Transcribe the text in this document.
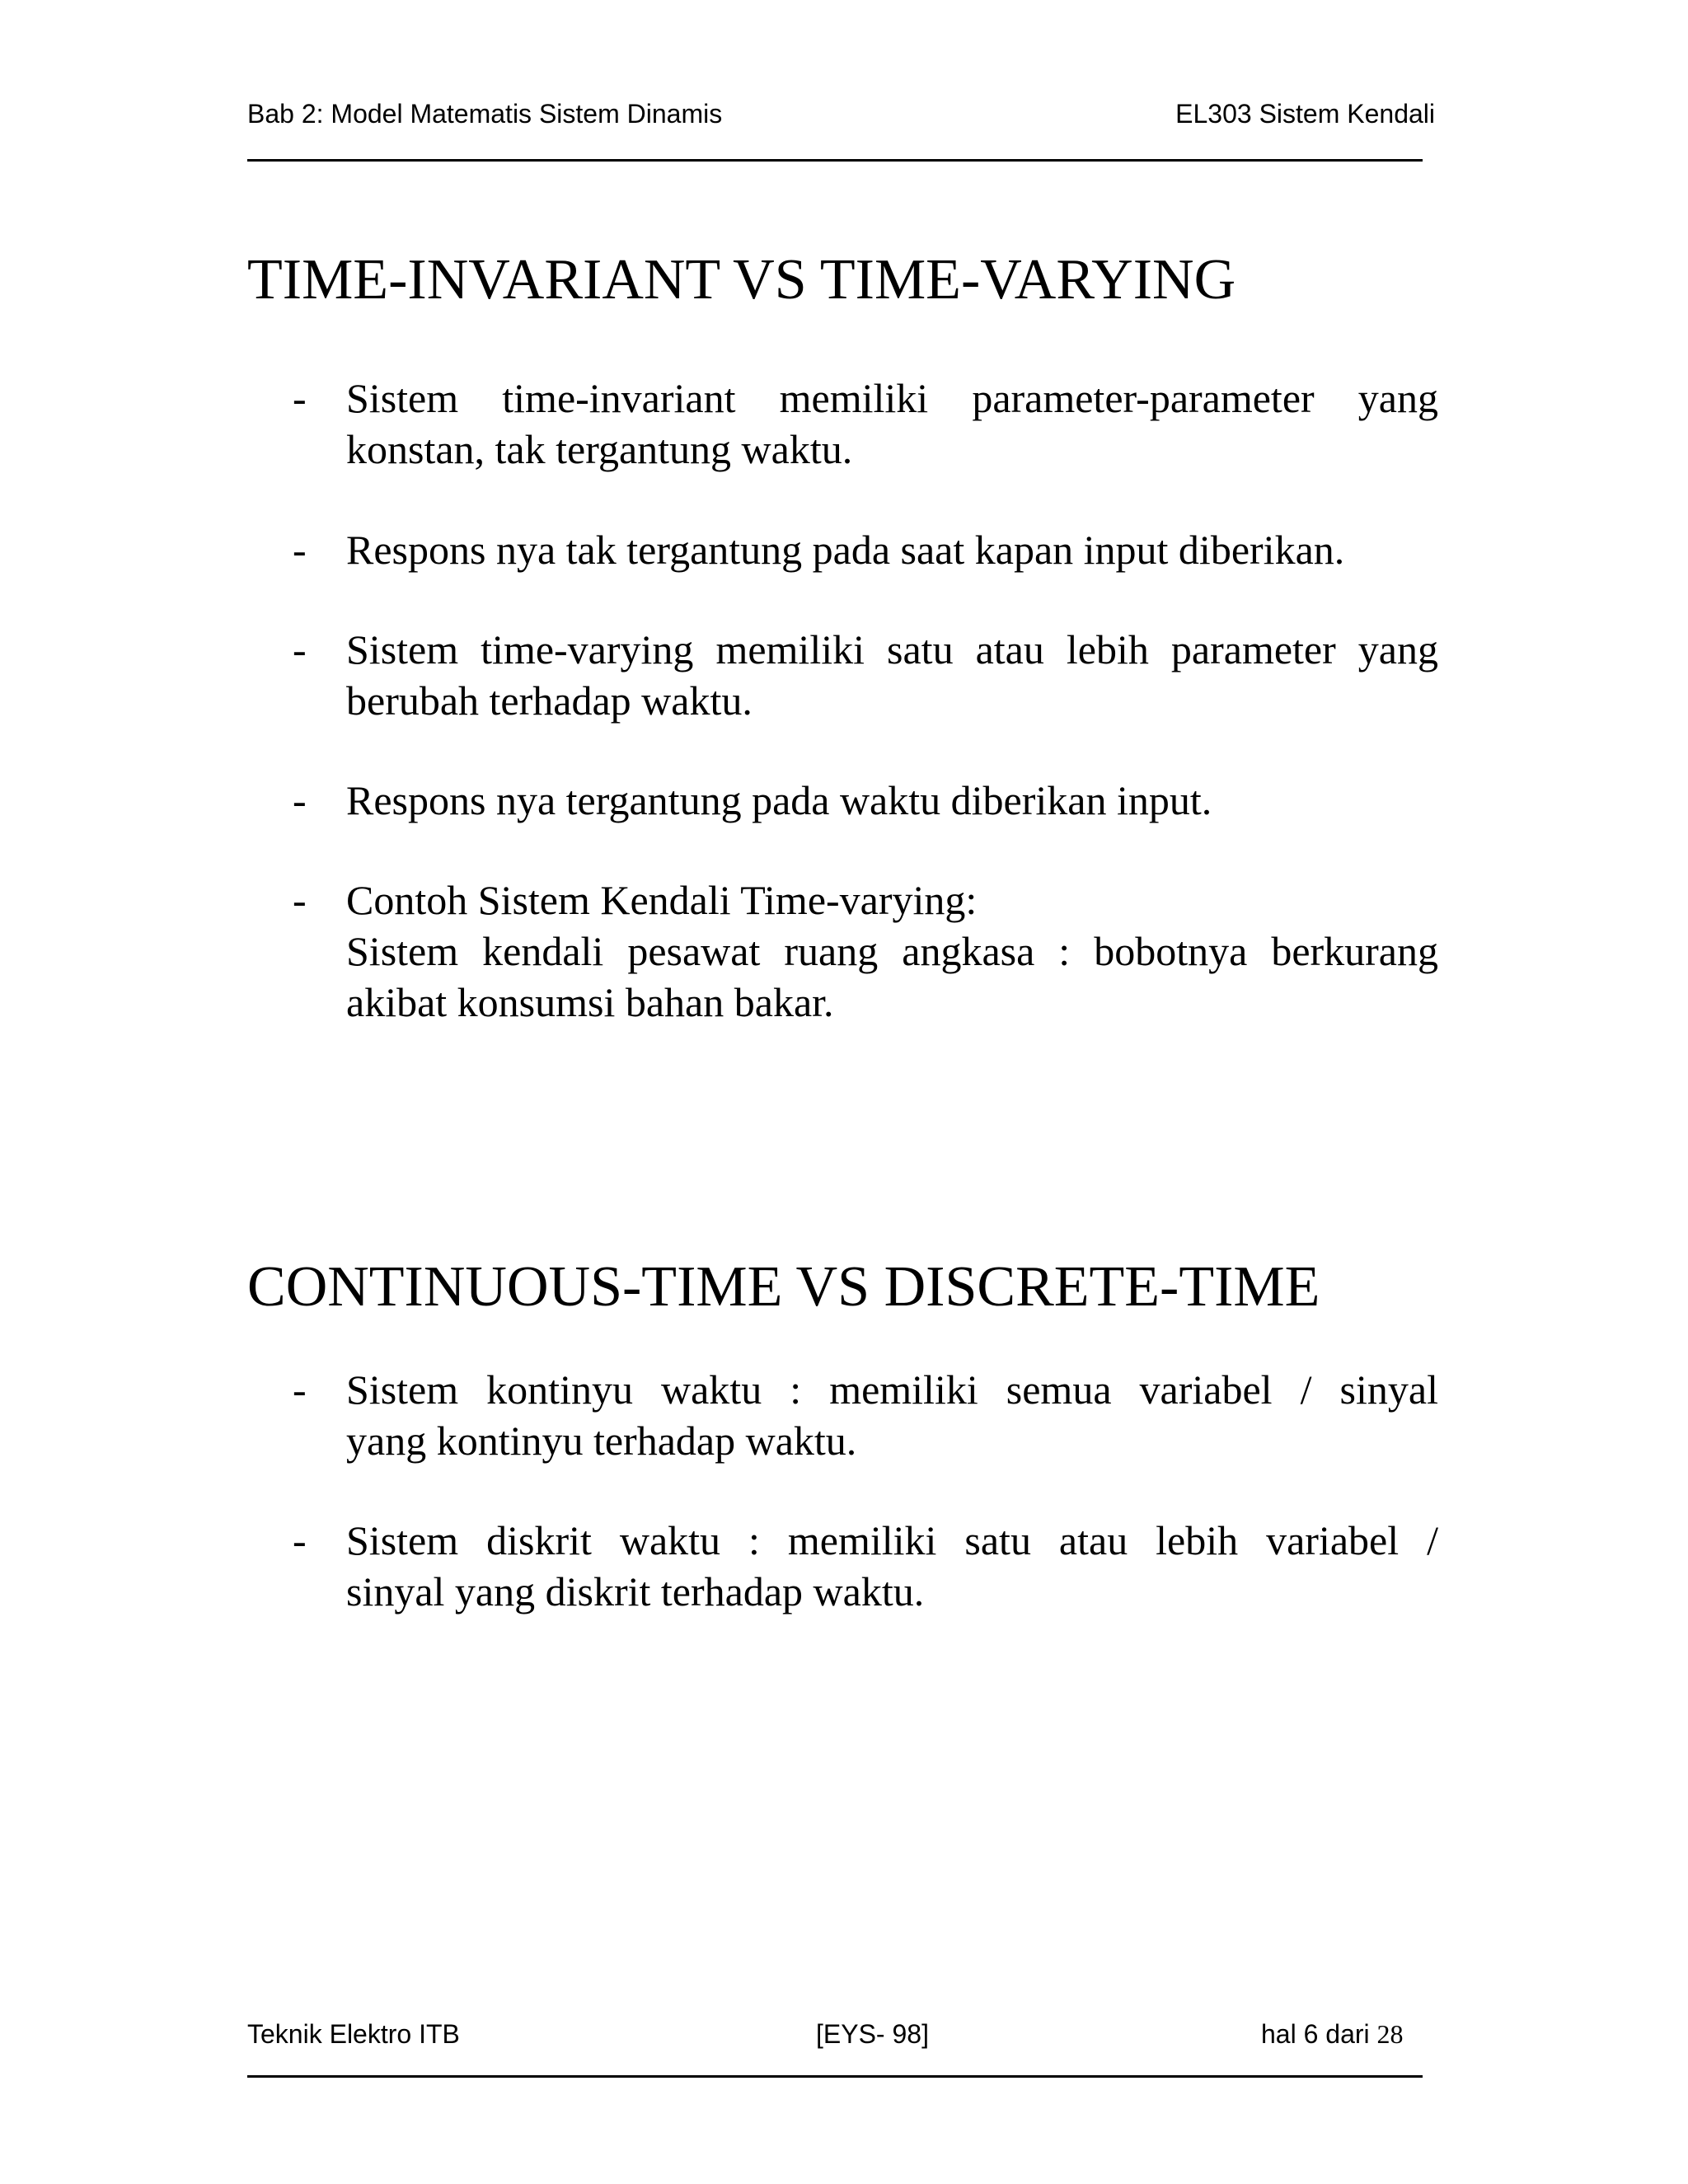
Bab 2: Model Matematis Sistem Dinamis	EL303 Sistem Kendali
TIME-INVARIANT VS TIME-VARYING
- Sistem time-invariant memiliki parameter-parameter yang
konstan, tak tergantung waktu.
- Respons nya tak tergantung pada saat kapan input diberikan.
- Sistem time-varying memiliki satu atau lebih parameter yang
berubah terhadap waktu.
- Respons nya tergantung pada waktu diberikan input.
- Contoh Sistem Kendali Time-varying:
Sistem kendali pesawat ruang angkasa : bobotnya berkurang
akibat konsumsi bahan bakar.
CONTINUOUS-TIME VS DISCRETE-TIME
- Sistem kontinyu waktu : memiliki semua variabel / sinyal
yang kontinyu terhadap waktu.
- Sistem diskrit waktu : memiliki satu atau lebih variabel /
sinyal yang diskrit terhadap waktu.
Teknik Elektro ITB	[EYS- 98]	hal 6 dari 28
